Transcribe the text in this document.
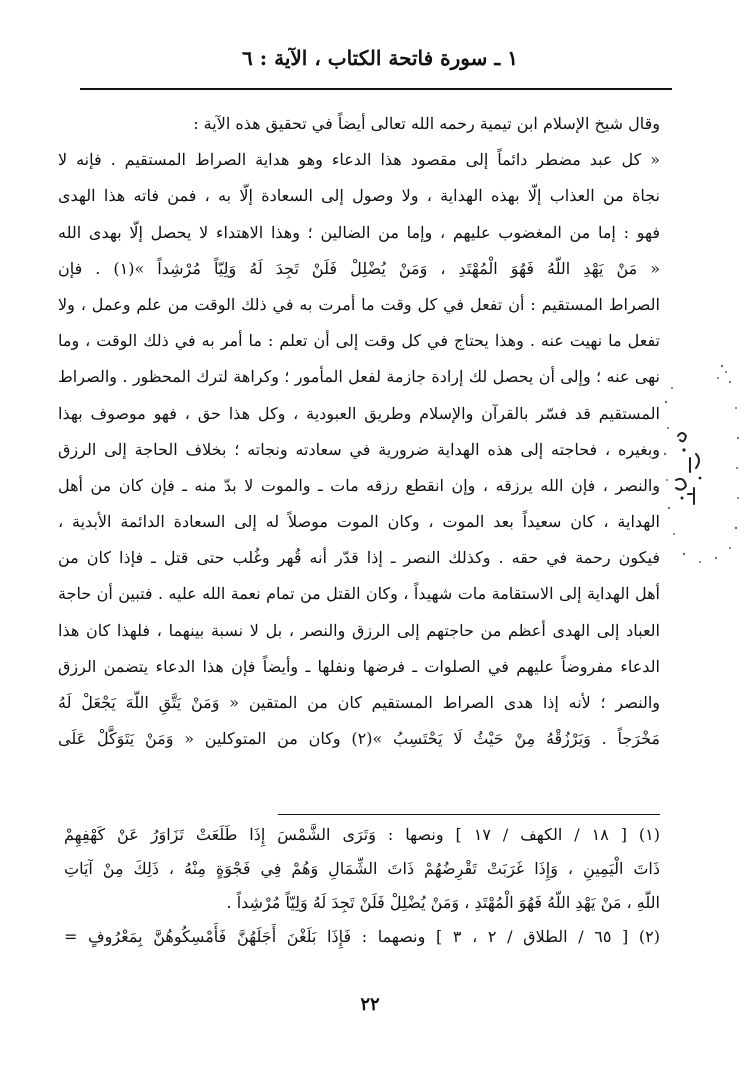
١ ـ سورة فاتحة الكتاب ، الآية : ٦
وقال شيخ الإسلام ابن تيمية رحمه الله تعالى أيضاً في تحقيق هذه الآية :
« كل عبد مضطر دائماً إلى مقصود هذا الدعاء وهو هداية الصراط المستقيم . فإنه لا
نجاة من العذاب إلّا بهذه الهداية ، ولا وصول إلى السعادة إلّا به ، فمن فاته هذا الهدى
فهو : إما من المغضوب عليهم ، وإما من الضالين ؛ وهذا الاهتداء لا يحصل إلّا بهدى الله
« مَنْ يَهْدِ اللّهُ فَهُوَ الْمُهْتَدِ ، وَمَنْ يُضْلِلْ فَلَنْ تَجِدَ لَهُ وَلِيّاً مُرْشِداً »(١) . فإن
الصراط المستقيم : أن تفعل في كل وقت ما أمرت به في ذلك الوقت من علم وعمل ، ولا
تفعل ما نهيت عنه . وهذا يحتاج في كل وقت إلى أن تعلم : ما أمر به في ذلك الوقت ، وما
نهى عنه ؛ وإلى أن يحصل لك إرادة جازمة لفعل المأمور ؛ وكراهة لترك المحظور . والصراط
المستقيم قد فسّر بالقرآن والإسلام وطريق العبودية ، وكل هذا حق ، فهو موصوف بهذا
وبغيره ، فحاجته إلى هذه الهداية ضرورية في سعادته ونجاته ؛ بخلاف الحاجة إلى الرزق
والنصر ، فإن الله يرزقه ، وإن انقطع رزقه مات ـ والموت لا بدّ منه ـ فإن كان من أهل
الهداية ، كان سعيداً بعد الموت ، وكان الموت موصلاً له إلى السعادة الدائمة الأبدية ،
فيكون رحمة في حقه . وكذلك النصر ـ إذا قدّر أنه قُهر وغُلب حتى قتل ـ فإذا كان من
أهل الهداية إلى الاستقامة مات شهيداً ، وكان القتل من تمام نعمة الله عليه . فتبين أن حاجة
العباد إلى الهدى أعظم من حاجتهم إلى الرزق والنصر ، بل لا نسبة بينهما ، فلهذا كان هذا
الدعاء مفروضاً عليهم في الصلوات ـ فرضها ونفلها ـ وأيضاً فإن هذا الدعاء يتضمن الرزق
والنصر ؛ لأنه إذا هدى الصراط المستقيم كان من المتقين « وَمَنْ يَتَّقِ اللّهَ يَجْعَلْ لَهُ
مَخْرَجاً . وَيَرْزُقْهُ مِنْ حَيْثُ لَا يَحْتَسِبُ »(٢) وكان من المتوكلين « وَمَنْ يَتَوَكَّلْ عَلَى
(١) [ ١٨ / الكهف / ١٧ ] ونصها : وَتَرَى الشَّمْسَ إِذَا طَلَعَتْ تَزَاوَرُ عَنْ كَهْفِهِمْ
ذَاتَ الْيَمِينِ ، وَإِذَا غَرَبَتْ تَقْرِضُهُمْ ذَاتَ الشِّمَالِ وَهُمْ فِي فَجْوَةٍ مِنْهُ ، ذَلِكَ مِنْ آيَاتِ
اللّهِ ، مَنْ يَهْدِ اللّهُ فَهُوَ الْمُهْتَدِ ، وَمَنْ يُضْلِلْ فَلَنْ تَجِدَ لَهُ وَلِيّاً مُرْشِداً .
(٢) [ ٦٥ / الطلاق / ٢ ، ٣ ] ونصهما : فَإِذَا بَلَغْنَ أَجَلَهُنَّ فَأَمْسِكُوهُنَّ بِمَعْرُوفٍ =
٢٢
